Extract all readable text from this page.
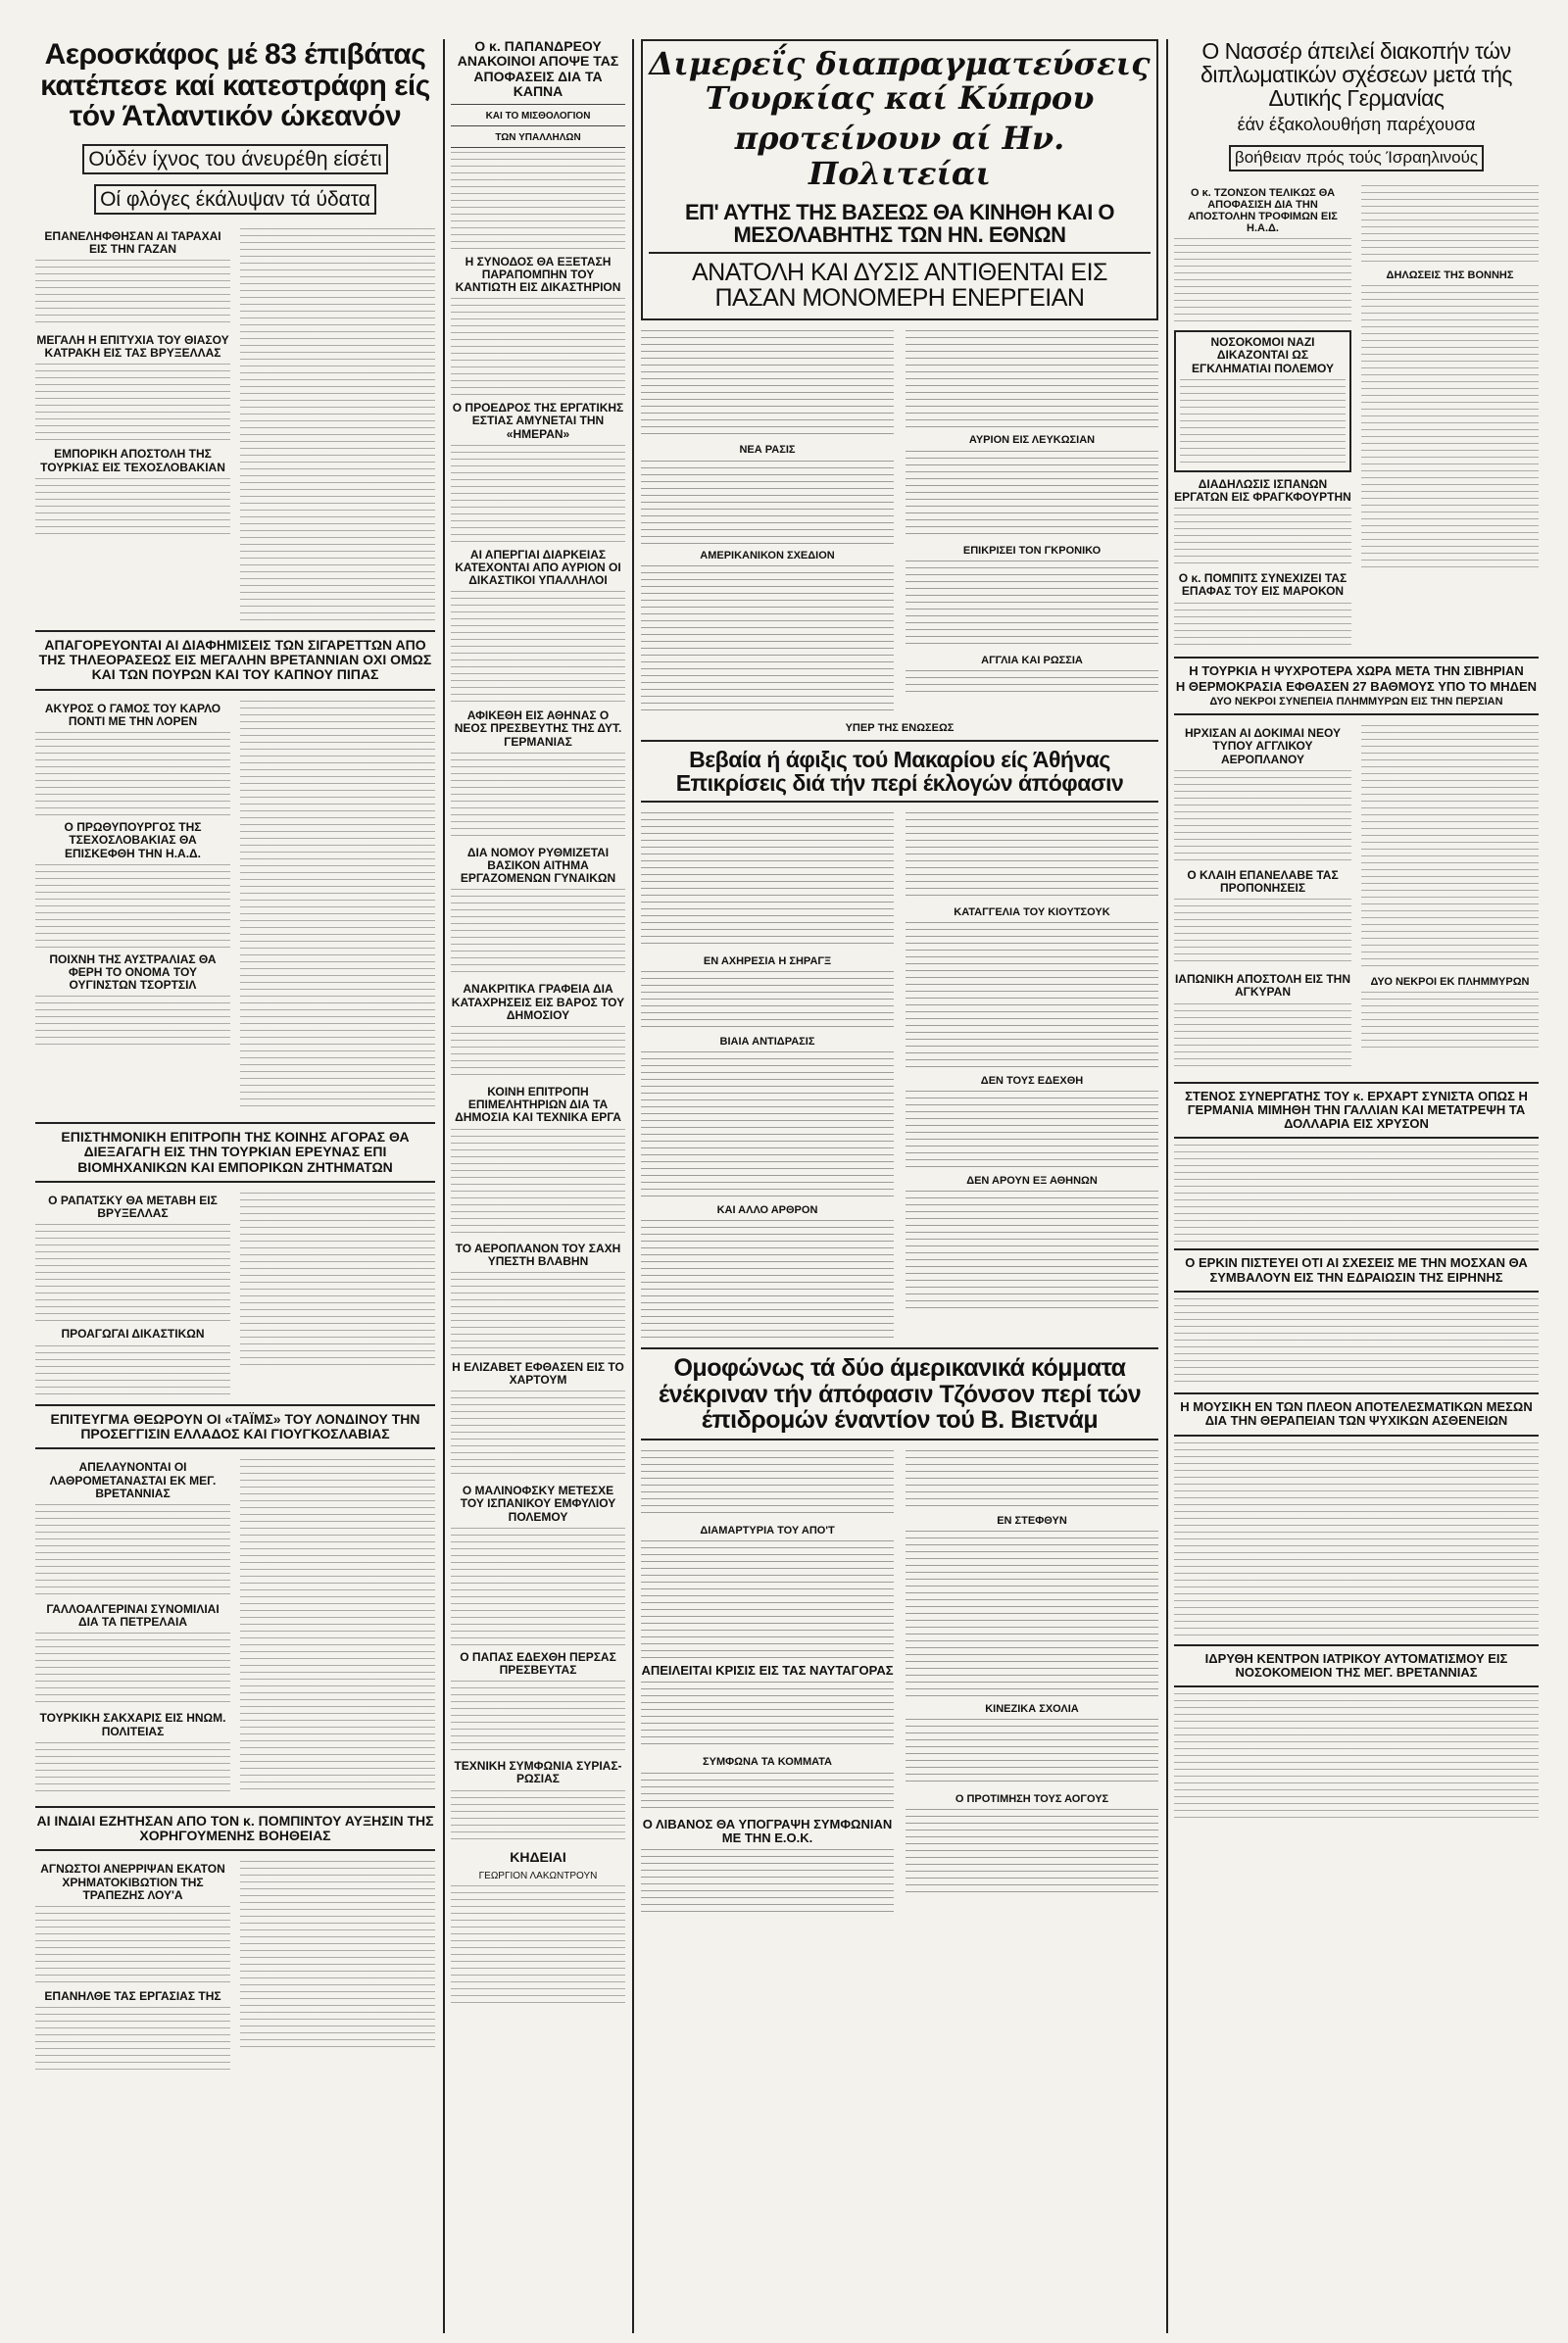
Αεροσκάφος μέ 83 έπιβάτας κατέπεσε καί κατεστράφη είς τόν Άτλαντικόν ώκεανόν
Ούδέν ίχνος του άνευρέθη είσέτι
Οί φλόγες έκάλυψαν τά ύδατα
ΕΠΑΝΕΛΗΦΘΗΣΑΝ ΑΙ ΤΑΡΑΧΑΙ ΕΙΣ ΤΗΝ ΓΑΖΑΝ
ΜΕΓΑΛΗ Η ΕΠΙΤΥΧΙΑ ΤΟΥ ΘΙΑΣΟΥ ΚΑΤΡΑΚΗ ΕΙΣ ΤΑΣ ΒΡΥΞΕΛΛΑΣ
ΕΜΠΟΡΙΚΗ ΑΠΟΣΤΟΛΗ ΤΗΣ ΤΟΥΡΚΙΑΣ ΕΙΣ ΤΕΧΟΣΛΟΒΑΚΙΑΝ
ΑΠΑΓΟΡΕΥΟΝΤΑΙ ΑΙ ΔΙΑΦΗΜΙΣΕΙΣ ΤΩΝ ΣΙΓΑΡΕΤΤΩΝ ΑΠΟ ΤΗΣ ΤΗΛΕΟΡΑΣΕΩΣ ΕΙΣ ΜΕΓΑΛΗΝ ΒΡΕΤΑΝΝΙΑΝ ΟΧΙ ΟΜΩΣ ΚΑΙ ΤΩΝ ΠΟΥΡΩΝ ΚΑΙ ΤΟΥ ΚΑΠΝΟΥ ΠΙΠΑΣ
ΑΚΥΡΟΣ Ο ΓΑΜΟΣ ΤΟΥ ΚΑΡΛΟ ΠΟΝΤΙ ΜΕ ΤΗΝ ΛΟΡΕΝ
Ο ΠΡΩΘΥΠΟΥΡΓΟΣ ΤΗΣ ΤΣΕΧΟΣΛΟΒΑΚΙΑΣ ΘΑ ΕΠΙΣΚΕΦΘΗ ΤΗΝ Η.Α.Δ.
ΠΟΙΧΝΗ ΤΗΣ ΑΥΣΤΡΑΛΙΑΣ ΘΑ ΦΕΡΗ ΤΟ ΟΝΟΜΑ ΤΟΥ ΟΥΓΙΝΣΤΩΝ ΤΣΟΡΤΣΙΛ
ΕΠΙΣΤΗΜΟΝΙΚΗ ΕΠΙΤΡΟΠΗ ΤΗΣ ΚΟΙΝΗΣ ΑΓΟΡΑΣ ΘΑ ΔΙΕΞΑΓΑΓΗ ΕΙΣ ΤΗΝ ΤΟΥΡΚΙΑΝ ΕΡΕΥΝΑΣ ΕΠΙ ΒΙΟΜΗΧΑΝΙΚΩΝ ΚΑΙ ΕΜΠΟΡΙΚΩΝ ΖΗΤΗΜΑΤΩΝ
Ο ΡΑΠΑΤΣΚΥ ΘΑ ΜΕΤΑΒΗ ΕΙΣ ΒΡΥΞΕΛΛΑΣ
ΠΡΟΑΓΩΓΑΙ ΔΙΚΑΣΤΙΚΩΝ
ΕΠΙΤΕΥΓΜΑ ΘΕΩΡΟΥΝ ΟΙ «ΤΑΪΜΣ» ΤΟΥ ΛΟΝΔΙΝΟΥ ΤΗΝ ΠΡΟΣΕΓΓΙΣΙΝ ΕΛΛΑΔΟΣ ΚΑΙ ΓΙΟΥΓΚΟΣΛΑΒΙΑΣ
ΑΠΕΛΑΥΝΟΝΤΑΙ ΟΙ ΛΑΘΡΟΜΕΤΑΝΑΣΤΑΙ ΕΚ ΜΕΓ. ΒΡΕΤΑΝΝΙΑΣ
ΓΑΛΛΟΑΛΓΕΡΙΝΑΙ ΣΥΝΟΜΙΛΙΑΙ ΔΙΑ ΤΑ ΠΕΤΡΕΛΑΙΑ
ΤΟΥΡΚΙΚΗ ΣΑΚΧΑΡΙΣ ΕΙΣ ΗΝΩΜ. ΠΟΛΙΤΕΙΑΣ
ΑΙ ΙΝΔΙΑΙ ΕΖΗΤΗΣΑΝ ΑΠΟ ΤΟΝ κ. ΠΟΜΠΙΝΤΟΥ ΑΥΞΗΣΙΝ ΤΗΣ ΧΟΡΗΓΟΥΜΕΝΗΣ ΒΟΗΘΕΙΑΣ
ΑΓΝΩΣΤΟΙ ΑΝΕΡΡΙΨΑΝ ΕΚΑΤΟΝ ΧΡΗΜΑΤΟΚΙΒΩΤΙΟΝ ΤΗΣ ΤΡΑΠΕΖΗΣ ΛΟΥ'Α
ΕΠΑΝΗΛΘΕ ΤΑΣ ΕΡΓΑΣΙΑΣ ΤΗΣ
Ο κ. ΠΑΠΑΝΔΡΕΟΥ ΑΝΑΚΟΙΝΟΙ ΑΠΟΨΕ ΤΑΣ ΑΠΟΦΑΣΕΙΣ ΔΙΑ ΤΑ ΚΑΠΝΑ
ΚΑΙ ΤΟ ΜΙΣΘΟΛΟΓΙΟΝ
ΤΩΝ ΥΠΑΛΛΗΛΩΝ
Η ΣΥΝΟΔΟΣ ΘΑ ΕΞΕΤΑΣΗ ΠΑΡΑΠΟΜΠΗΝ ΤΟΥ ΚΑΝΤΙΩΤΗ ΕΙΣ ΔΙΚΑΣΤΗΡΙΟΝ
Ο ΠΡΟΕΔΡΟΣ ΤΗΣ ΕΡΓΑΤΙΚΗΣ ΕΣΤΙΑΣ ΑΜΥΝΕΤΑΙ ΤΗΝ «ΗΜΕΡΑΝ»
ΑΙ ΑΠΕΡΓΙΑΙ ΔΙΑΡΚΕΙΑΣ ΚΑΤΕΧΟΝΤΑΙ ΑΠΟ ΑΥΡΙΟΝ ΟΙ ΔΙΚΑΣΤΙΚΟΙ ΥΠΑΛΛΗΛΟΙ
ΑΦΙΚΕΘΗ ΕΙΣ ΑΘΗΝΑΣ Ο ΝΕΟΣ ΠΡΕΣΒΕΥΤΗΣ ΤΗΣ ΔΥΤ. ΓΕΡΜΑΝΙΑΣ
ΔΙΑ ΝΟΜΟΥ ΡΥΘΜΙΖΕΤΑΙ ΒΑΣΙΚΟΝ ΑΙΤΗΜΑ ΕΡΓΑΖΟΜΕΝΩΝ ΓΥΝΑΙΚΩΝ
ΑΝΑΚΡΙΤΙΚΑ ΓΡΑΦΕΙΑ ΔΙΑ ΚΑΤΑΧΡΗΣΕΙΣ ΕΙΣ ΒΑΡΟΣ ΤΟΥ ΔΗΜΟΣΙΟΥ
ΚΟΙΝΗ ΕΠΙΤΡΟΠΗ ΕΠΙΜΕΛΗΤΗΡΙΩΝ ΔΙΑ ΤΑ ΔΗΜΟΣΙΑ ΚΑΙ ΤΕΧΝΙΚΑ ΕΡΓΑ
ΤΟ ΑΕΡΟΠΛΑΝΟΝ ΤΟΥ ΣΑΧΗ ΥΠΕΣΤΗ ΒΛΑΒΗΝ
Η ΕΛΙΖΑΒΕΤ ΕΦΘΑΣΕΝ ΕΙΣ ΤΟ ΧΑΡΤΟΥΜ
Ο ΜΑΛΙΝΟΦΣΚΥ ΜΕΤΕΣΧΕ ΤΟΥ ΙΣΠΑΝΙΚΟΥ ΕΜΦΥΛΙΟΥ ΠΟΛΕΜΟΥ
Ο ΠΑΠΑΣ ΕΔΕΧΘΗ ΠΕΡΣΑΣ ΠΡΕΣΒΕΥΤΑΣ
ΤΕΧΝΙΚΗ ΣΥΜΦΩΝΙΑ ΣΥΡΙΑΣ-ΡΩΣΙΑΣ
ΚΗΔΕΙΑΙ
ΓΕΩΡΓΙΟΝ ΛΑΚΩΝΤΡΟΥΝ
Διμερεΐς διαπραγματεύσεις Τουρκίας καί Κύπρου
προτείνουν αί Ην. Πολιτείαι
ΕΠ' ΑΥΤΗΣ ΤΗΣ ΒΑΣΕΩΣ ΘΑ ΚΙΝΗΘΗ ΚΑΙ Ο ΜΕΣΟΛΑΒΗΤΗΣ ΤΩΝ ΗΝ. ΕΘΝΩΝ
ΑΝΑΤΟΛΗ ΚΑΙ ΔΥΣΙΣ ΑΝΤΙΘΕΝΤΑΙ ΕΙΣ ΠΑΣΑΝ ΜΟΝΟΜΕΡΗ ΕΝΕΡΓΕΙΑΝ
ΝΕΑ ΡΑΣΙΣ
ΑΜΕΡΙΚΑΝΙΚΟΝ ΣΧΕΔΙΟΝ
ΑΥΡΙΟΝ ΕΙΣ ΛΕΥΚΩΣΙΑΝ
ΕΠΙΚΡΙΣΕΙ ΤΟΝ ΓΚΡΟΝΙΚΟ
ΑΓΓΛΙΑ ΚΑΙ ΡΩΣΣΙΑ
ΥΠΕΡ ΤΗΣ ΕΝΩΣΕΩΣ
Βεβαία ή άφιξις τού Μακαρίου είς Άθήνας Επικρίσεις διά τήν περί έκλογών άπόφασιν
ΕΝ ΑΧΗΡΕΣΙΑ Η ΣΗΡΑΓΞ
ΒΙΑΙΑ ΑΝΤΙΔΡΑΣΙΣ
ΚΑΙ ΑΛΛΟ ΑΡΘΡΟΝ
ΚΑΤΑΓΓΕΛΙΑ ΤΟΥ ΚΙΟΥΤΣΟΥΚ
ΔΕΝ ΤΟΥΣ ΕΔΕΧΘΗ
ΔΕΝ ΑΡΟΥΝ ΕΞ ΑΘΗΝΩΝ
Ομοφώνως τά δύο άμερικανικά κόμματα ένέκριναν τήν άπόφασιν Τζόνσον περί τών έπιδρομών έναντίον τού Β. Βιετνάμ
ΔΙΑΜΑΡΤΥΡΙΑ ΤΟΥ ΑΠΟ'Τ
ΑΠΕΙΛΕΙΤΑΙ ΚΡΙΣΙΣ ΕΙΣ ΤΑΣ ΝΑΥΤΑΓΟΡΑΣ
ΣΥΜΦΩΝΑ ΤΑ ΚΟΜΜΑΤΑ
Ο ΛΙΒΑΝΟΣ ΘΑ ΥΠΟΓΡΑΨΗ ΣΥΜΦΩΝΙΑΝ ΜΕ ΤΗΝ Ε.Ο.Κ.
ΕΝ ΣΤΕΦΘΥΝ
ΚΙΝΕΖΙΚΑ ΣΧΟΛΙΑ
Ο ΠΡΟΤΙΜΗΣΗ ΤΟΥΣ ΑΟΓΟΥΣ
Ο Νασσέρ άπειλεί διακοπήν τών διπλωματικών σχέσεων μετά τής Δυτικής Γερμανίας
έάν έξακολουθήση παρέχουσα
βοήθειαν πρός τούς Ίσραηλινούς
Ο κ. ΤΖΟΝΣΟΝ ΤΕΛΙΚΩΣ ΘΑ ΑΠΟΦΑΣΙΣΗ ΔΙΑ ΤΗΝ ΑΠΟΣΤΟΛΗΝ ΤΡΟΦΙΜΩΝ ΕΙΣ Η.Α.Δ.
ΝΟΣΟΚΟΜΟΙ ΝΑΖΙ ΔΙΚΑΖΟΝΤΑΙ ΩΣ ΕΓΚΛΗΜΑΤΙΑΙ ΠΟΛΕΜΟΥ
ΔΙΑΔΗΛΩΣΙΣ ΙΣΠΑΝΩΝ ΕΡΓΑΤΩΝ ΕΙΣ ΦΡΑΓΚΦΟΥΡΤΗΝ
Ο κ. ΠΟΜΠΙΤΣ ΣΥΝΕΧΙΖΕΙ ΤΑΣ ΕΠΑΦΑΣ ΤΟΥ ΕΙΣ ΜΑΡΟΚΟΝ
ΔΗΛΩΣΕΙΣ ΤΗΣ ΒΟΝΝΗΣ
Η ΤΟΥΡΚΙΑ Η ΨΥΧΡΟΤΕΡΑ ΧΩΡΑ ΜΕΤΑ ΤΗΝ ΣΙΒΗΡΙΑΝ
Η ΘΕΡΜΟΚΡΑΣΙΑ ΕΦΘΑΣΕΝ 27 ΒΑΘΜΟΥΣ ΥΠΟ ΤΟ ΜΗΔΕΝ
ΔΥΟ ΝΕΚΡΟΙ ΣΥΝΕΠΕΙΑ ΠΛΗΜΜΥΡΩΝ ΕΙΣ ΤΗΝ ΠΕΡΣΙΑΝ
ΗΡΧΙΣΑΝ ΑΙ ΔΟΚΙΜΑΙ ΝΕΟΥ ΤΥΠΟΥ ΑΓΓΛΙΚΟΥ ΑΕΡΟΠΛΑΝΟΥ
Ο ΚΛΑΙΗ ΕΠΑΝΕΛΑΒΕ ΤΑΣ ΠΡΟΠΟΝΗΣΕΙΣ
ΙΑΠΩΝΙΚΗ ΑΠΟΣΤΟΛΗ ΕΙΣ ΤΗΝ ΑΓΚΥΡΑΝ
ΔΥΟ ΝΕΚΡΟΙ ΕΚ ΠΛΗΜΜΥΡΩΝ
ΣΤΕΝΟΣ ΣΥΝΕΡΓΑΤΗΣ ΤΟΥ κ. ΕΡΧΑΡΤ ΣΥΝΙΣΤΑ ΟΠΩΣ Η ΓΕΡΜΑΝΙΑ ΜΙΜΗΘΗ ΤΗΝ ΓΑΛΛΙΑΝ ΚΑΙ ΜΕΤΑΤΡΕΨΗ ΤΑ ΔΟΛΛΑΡΙΑ ΕΙΣ ΧΡΥΣΟΝ
Ο ΕΡΚΙΝ ΠΙΣΤΕΥΕΙ ΟΤΙ ΑΙ ΣΧΕΣΕΙΣ ΜΕ ΤΗΝ ΜΟΣΧΑΝ ΘΑ ΣΥΜΒΑΛΟΥΝ ΕΙΣ ΤΗΝ ΕΔΡΑΙΩΣΙΝ ΤΗΣ ΕΙΡΗΝΗΣ
Η ΜΟΥΣΙΚΗ ΕΝ ΤΩΝ ΠΛΕΟΝ ΑΠΟΤΕΛΕΣΜΑΤΙΚΩΝ ΜΕΣΩΝ ΔΙΑ ΤΗΝ ΘΕΡΑΠΕΙΑΝ ΤΩΝ ΨΥΧΙΚΩΝ ΑΣΘΕΝΕΙΩΝ
ΙΔΡΥΘΗ ΚΕΝΤΡΟΝ ΙΑΤΡΙΚΟΥ ΑΥΤΟΜΑΤΙΣΜΟΥ ΕΙΣ ΝΟΣΟΚΟΜΕΙΟΝ ΤΗΣ ΜΕΓ. ΒΡΕΤΑΝΝΙΑΣ
